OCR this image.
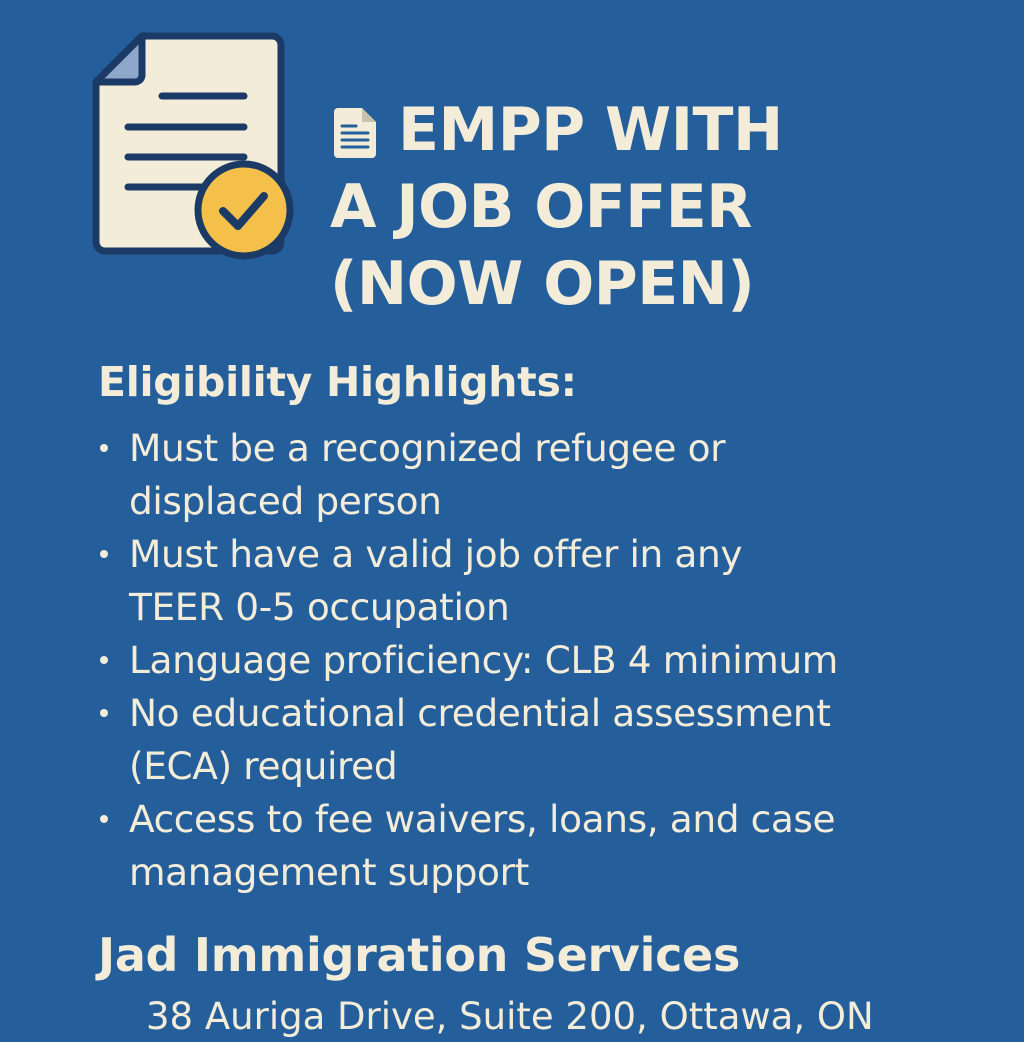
EMPP WITH
A JOB OFFER
(NOW OPEN)
Eligibility Highlights:
Must be a recognized refugee or
displaced person
Must have a valid job offer in any
TEER 0-5 occupation
Language proficiency: CLB 4 minimum
No educational credential assessment
(ECA) required
Access to fee waivers, loans, and case
management support
Jad Immigration Services
38 Auriga Drive, Suite 200, Ottawa, ON
